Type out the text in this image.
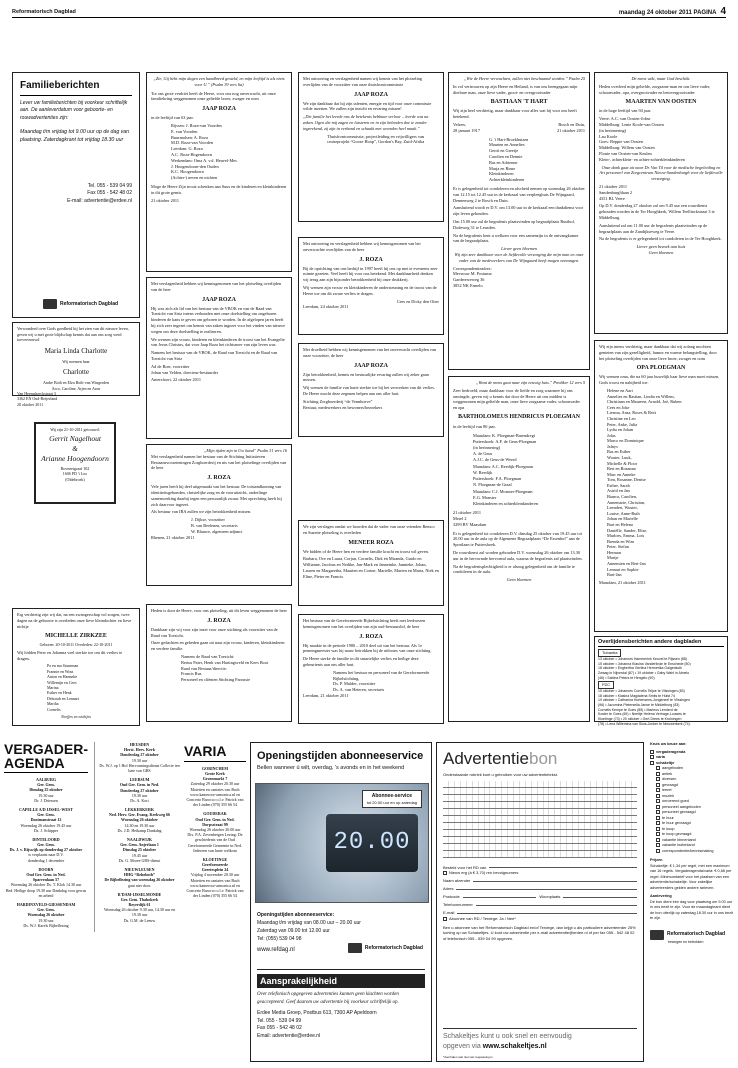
Reformatorisch Dagblad	maandag 24 oktober 2011 PAGINA 4
Familieberichten

Lever uw familieberichten bij voorkeur schriftelijk aan. De aanleverdatum voor geboorte- en rouwadvertenties zijn:

Maandag t/m vrijdag tot 9.00 uur op de dag van plaatsing. Zaterdagkrant tot vrijdag 18.30 uur

Tel. 055 - 539 04 99
Fax 055 - 542 48 02
E-mail: advertentie@erdee.nl
Reformatorisch Dagblad

Verwonderd over Gods goedheid bij het zien van dit nieuwe leven, geven wij u met grote blijdschap kennis dat aan ons zorg werd toevertrouwd

Maria Linda Charlotte
Wij noemen haar
Charlotte
Andre Both en Elza Both-van Wingerden
Arco, Caroline, Arjen en Aron
Van Heemskerckstraat 3
3362 EN Oud-Beijerland
20 oktober 2011
Wij zijn 21-10-2011 getrouwd:
Gerrit Nagelhout
&
Arianne Hoogendoorn
Boveneigraaf 102
1606 PD 't Loo
(Oldebroek)

Erg verdrietig zijn wij dat, na een zwangerschap vol zorgen, twee dagen na de geboorte is overleden onze lieve kleindochter en lieve nichtje

MICHELLE ZIRKZEE
Geboren: 20-10-2011 Overleden: 22-10-2011

Wij hidden Peter en Johanna veel sterkte toe om dit verlies te dragen.

Pa en ma Stuurman
Frannie en Wout
Anton en Hanneke
Willemijn en Cees
Marina
Esther en Henk
Deborah en Lennart
Martha
Cornelis
Neefjes en nichtjes
„Zie, Gij hebt mijn dagen een handbreed gesteld, en mijn leeftijd is als niets voor U.” (Psalm 39 vers 6a)

Tot ons grote verdriet heeft de Heere, voor ons nog onverwacht, uit onze familiekring weggenomen onze geliefde broer, zwager en oom

JAAP ROZA

in de leeftijd van 63 jaar.

Rijssen: J. Roza-van Voorden
E. van Voorden
Buurmalsen: A. Roza
M.D. Roza-van Voorden
Leerdam: G. Roza
A.C. Roza-Hogendoorn
Werkendam: Oma A. v.d. Heuvel-Mes
J. Hoogendoorn-den Ouden
K.C. Hoogendoorn
(Achter-) neven en nichten

Moge de Heere Zijn troost schenken aan Suus en de kinderen en kleinkinderen in dit grote gemis.

21 oktober 2011

Met verslagenheid hebben wij kennisgenomen van het plotseling overlijden van de heer

JAAP ROZA

Hij was zich als lid van het bestuur van de VBOK en van de Raad van Toezicht van Siriz intens verbonden met onze doelstelling om ongeboren kinderen de kans te geven om geboren te worden. In de afgelopen jaren heeft hij zich zeer ingezet om kennis van zaken ingezet voor het vinden van nieuwe wegen om deze doelstelling te realiseren.

We wensen zijn vrouw, kinderen en kleinkinderen de troost van het Evangelie van Jezus Christus, dat voor Jaap Roza het richtsnoer van zijn leven was.

Namens het bestuur van de VBOK, de Raad van Toezicht en de Raad van Toezicht van Siriz

Ad de Boer, voorzitter
Johan van Velden, directeur-bestuurder
Amersfoort, 22 oktober 2011
„Mijn tijden zijn in Uw hand” Psalm 31 vers 16

Met verslagenheid namen het bestuur van de Stichting Initiatieven Bestaansvoorzieningen Zorgboerderij en nis van het plotselinge overlijden van de heer

J. ROZA

Vele jaren heeft hij deel uitgemaakt van het bestuur. De totstandkoming van identiteitsgebonden, christelijke zorg en de vooruitzicht, onderlinge samenwerking daarbij tegen een persoonlijk zwaar. Met oprechting heeft hij zich daarvoor ingezet.

Als bestuur van IBA zullen we zijn betrokkenheid missen.

J. Dijkse, voorzitter
B. van Beelenen, secretaris
W. Blauwe, algemeen adjunct
Rhenen, 21 oktober 2011

Heden is door de Heere, voor ons plotseling, uit dit leven weggenomen de heer

J. ROZA

Dankbaar zijn wij voor zijn inzet voor onze stichting als voorzitter van de Raad van Toezicht.

Onze gedachten en gebeden gaan uit naar zijn vrouw, kinderen, kleinkinderen en verdere familie.

Namens de Raad van Toezicht:
Bertus Pater, Henk van Hartingsveld en Kees Boot
Raad van Bestuur/directie:
Francis Rus
Personeel en cliënten Stichting Parousie

Met ontroering en verslagenheid namen wij kennis van het plotseling overlijden van de voorzitter van onze thuisfrontcommissie

JAAP ROZA

We zijn dankbaar dat hij zijn talenten, energie en tijd voor onze commissie wilde inzetten. We zullen zijn inzicht en ervaring missen!

„Die familie het leerde ons de betekenis hebbaar verloor – leerde wat na zaken. Ogen die mij zagen en luisteren en in zijn belenden doe te zonder ingerekend, zij zijn in verband en schaakt met woorden heel maak.”

Thuisfrontcommissie, projectleiding en vrijwilligers van cruiseprojekt “Goose Hoop”, Gordon's Bay, Zuid-Afrika

Met ontroering en verslagenheid hebben wij kennisgenomen van het onverwachte overlijden van de heer

J. ROZA

Bij de oprichting van ons bedrijf in 1997 heeft hij ons op met te eveneens zeer ruimte gezeten. Veel heeft hij voor ons betekend. Met dankbaarheid denken wij terug aan zijn bijzonder betrokkenheid bij onze drukkerij.

Wij wensen zijn vrouw en kleinkinderen de ondersteuning en de troost van de Heere toe om dit zware verlies te dragen.

Cees en Dicky den Otter
Leerdam, 24 oktober 2011

Met droefheid hebben wij kennisgenomen van het onverwacht overlijden van onze voorzitter, de heer

JAAP ROZA

Zijn betrokkenheid, kennis en bestuurlijke ervaring zullen wij zeker gaan missen.

Wij wensen de familie van harte sterkte toe bij het verwerken van dit verlies. De Heere mocht deze zegenen helpen aan ons aller hart.

Stichting Zorgboerderij “de Vennhoeve”
Bestuur, medewerkers en bewoners/bezoekers

We zijn verslagen omdat we hoorden dat de vader van onze vrienden Remco en Suzette plotseling is overleden

MENEER ROZA

We bidden of de Heere hen en verdere familie kracht en troost wil geven.

Barbara, Ove en Laura, Corjan, Cornelis, Dirk en Miranda, Guido en Willianne, Jacobus en Nedike, Jan-Mark en Janneinke, Jannieke, Johan, Lauren en Margaretha, Maarten en Corine, Marielle, Marten en Maria, Niek en Eline, Pieter en Francis

Het bestuur van de Gereformeerde Bijbelstichting heeft met leedwezen kennisgenomen van het overlijden van zijn oud-bestuurslid, de heer

J. ROZA

Hij maakte in de periode 1980 – 2010 deel uit van het bestuur. Als 1e penningmeester was hij nauw betrokken bij de uitbouw van onze stichting.

De Heere sterke de familie in dit smartelijke verlies en heilige deze gebeurtenis aan ons aller hart.

Namens het bestuur en personeel van de Gereformeerde Bijbelstichting,
Ds. P. Mulder, voorzitter
Ds. A. van Heteren, secretaris
Leerdam, 21 oktober 2011
„Wie de Heere verwachten, zullen niet beschaamd worden.” Psalm 25

In vol vertrouwen op zijn Heere en Heiland, is van ons heengegaan mijn dierbare man, onze lieve vader, groot- en overgrootvader

BASTIAAN 'T HART

Wij zijn heel verdrietig, maar dankbaar voor alles wat hij voor ons heeft betekend.

Velzen,
28 januari 1917
Bosch en Duin,
21 oktober 2011
G. 't Hart-Broekhuizen
Maarten en Annelies
Gerrit en Greetje
Carolien en Dennie
Bas en Adrienne
Marja en Rinse
Kleinkinderen
Achterkleinkinderen

Er is gelegenheid tot condoleren en afscheid nemen op woensdag 26 oktober van 12.15 tot 12.45 uur in de kerkzaal van verpleeghuis De Wijngaard, Dennenweg 2 te Bosch en Duin.

Aansluitend wordt er D.V. om 13.00 uur in de kerkzaal een dankdienst voor zijn leven gehouden.

Om 15.00 uur zal de begrafenis plaatsvinden op begraafplaats Rusthof, Dodeweg 31 te Leusden.

Na de begrafenis bent u welkom voor een samenzijn in de ontvangkamer van de begraafplaats.

Liever geen bloemen

Wij zijn zeer dankbaar voor de liefdevolle verzorging die mijn man en onze vader van de medewerkers van De Wijngaard heeft mogen ontvangen.

Correspondentieadres:
Mevrouw M. Postuma
Gardereweweg 36
3852 NK Ermelo
„Want de mens gaat naar zijn eeuwig huis.” Prediker 12 vers 5

Zeer bedroefd, maar dankbaar voor de liefde en zorg waarmee hij ons omringde, geven wij u kennis dat door de Heere uit ons midden is weggenomen mijn geliefde man, onze lieve zorgzame vader, schoonvader en opa

BARTHOLOMEUS HENDRICUS PLOEGMAN

in de leeftijd van 80 jaar.

Maasdam: K. Ploegman-Barendregt
Puttershoek: A.F. de Geus-Ploegman
(in herinnering)
A. de Geus
A.J.C. de Geus-de Weerd
Maasdam: A.C. Reedijk-Ploegman
W. Reedijk
Puttershoek: F.A. Ploegman
N. Ploegman-de Graaf
Maasdam: C.J. Monster-Ploegman
E.G. Monster
Kleinkinderen en achterkleinkinderen
21 oktober 2011
Merel 2
3299 BV Maasdam

Er is gelegenheid tot condoleren D.V. dinsdag 25 oktober van 19.45 uur tot 20.00 uur in de aula op de Algemene Begraafplaats “De Essenhof” aan de Sportlaan te Puttershoek.

De rouwdienst zal worden gehouden D.V. woensdag 26 oktober om 13.30 uur in de hervormde hervormd aula, waarna de begrafenis zal plaatsvinden.

Na de begrafenisplechtigheid is er alsnog gelegenheid om de familie te condoleren in de aula.

Geen bloemen
De mens wikt, maar God beschikt.

Heden overleed mijn geliefde, zorgzame man en ons lieve vader, schoonvader, opa, overgrootvader en betovergrootvader

MAARTEN VAN OOSTEN

in de hoge leeftijd van 94 jaar.

Veere: A.C. van Oosten-Jobse
Middelburg: Lenie Koole-van Oosten
(in herinnering)
Lau Koole
Goes: Beppie van Oosten
Middelburg: Willem van Oosten
Flonie van Oosten-van Keulen
Klein-, achterklein- en achter-achterkleinkinderen

Onze dank gaat uit naar Dr. Van Til voor de medische begeleiding en Art personeel van Zorgcentrum Nieuw-Sandenburgh voor de liefdevolle verzorging.

21 oktober 2011
Sandenburghlaan 2
4351 BL Veere

Op D.V. donderdag 27 oktober zal om 9.45 uur een rouwdienst gehouden worden in de Ter Hooghkerk, Willem Teellinckstraat 3 te Middelburg.

Aansluitend zal om 11.00 uur de begrafenis plaatsvinden op de begraafplaats aan de Zandijkseweg te Veere.

Na de begrafenis is er gelegenheid tot condoleren in de Ter Hooghkerk.

Liever geen bezoek aan huis
Geen bloemen

Wij zijn intens verdrietig, maar dankbaar dat wij zolang mochten genieten van zijn gezelligheid, humor en warme belangstelling, door het plotseling overlijden van onze lieve broer, zwager en oom

OPA PLOEGMAN

Wij wensen oma, die na 60 jaar huwelijk haar lieve man moet missen, Gods troost en nabijheid toe.

Helene en Aart
Annelies en Bastian, Lindia en Willem,
Christiaan en Maureen, Arnold, Joë, Ruben
Cees en Joke
Liesma, Arna, Roses & Britt
Christine en Leo
Peter, Anke, Julia
Lydia en Johan
Jolas
Marco en Dominique
Jalnys
Bas en Esther
Wouter, Luuk,
Michelle & Floor
Bert en Rozanna
Marc en Anneke
Tom, Rosanne, Denise
Esther, Sarah
Astrid en Jan
Bianca, Carolien,
Annemarie, Christian,
Leendert, Wouter,
Louise, Anne-Ruth
Johan en Marielle
Bart en Helena
Daniëlle, Sander, Elise,
Marloes, Emma, Lois
Brenda en Wim
Peter, Stefan
Herman
Martje
Annemien en Bert-Jan
Lennart en Sophie
Bart-Jan
Maasdam, 21 oktober 2011
Overlijdensberichten andere dagbladen
Tubantia
13 oktober • Johannes Hammerink Keuvel te Rijssen (88)
15 oktober • Johanna Klasina Vanderlinde te Enschede (80)
18 oktober • Engbertha Gertina Hermerika Galgenkolk
Zwaag in Nijverdal (87) • 19 oktober • Gaby Wahl in Almelo
(46) • Sabina Peters te Hengelo (90).
PZC
15 oktober • Johannes Cornelis Teljoe te Vlissingen (83)
18 oktober • Klasina Magdalena Smits te Hulst 74
19 oktober • Catharina Hortensens-Jongeneel te Vlissingen
(96) • Jacomina Pietersella Janse te Middelburg (83)
Cornelis Kempe te Goes (85) • Marinus Lenderd de
Koster te Goes (69) • Neeltje Helena Verhage-Louwes te
Kloetinge (73) • 20 oktober • Gert Drees te Kruiningen
(78) • Lena Willemina van Sluis-Jonker te Nieuwerkerk (74).
VERGADER-
AGENDA
AALBURG
Ger. Gem.
Dinsdag 25 oktober
19.30 uur
Dr. J. Driessen
CAPELLE A/D IJSSEL-WEST
Ger. Gem.
Dootmanstraat 12
Woensdag 26 oktober 19.45 uur
Ds. J. Schipper
DINTELOORD
Ger. Gem.
Ds. J. v. Rijswijk op donderdag 27 oktober
is verplaatst naar D.V.
donderdag 1 december
DOORN
Oud Ger. Gem. in Ned.
Sparrenlaan 57
Woensdag 26 oktober Ds. T. Klok 14.30 uur
Bed. Heilige doop 19.30 uur Dankdag voor gewas en arbeid
HARDINXVELD-GIESSENDAM
Ger. Gem.
Woensdag 26 oktober
19.30 uur
Ds. W.J. Karels Bijbellezing
HEUSDEN
Herst. Herv. Kerk
Donderdag 27 oktober
19.30 uur
Ds. W.J. op 't Hof Hervormingsdienst Collecte ten bate van GBS
LEERSUM
Oud Ger. Gem. in Ned.
Donderdag 27 oktober
19.30 uur
Ds. A. Kort
LEKKERKERK
Ned. Herv. Ger. Evang. Kerkweg 66
Woensdag 26 oktober
14.30 en 19.30 uur
Ds. J.D. Heikamp Dankdag
NAALDWIJK
Ger. Gem. Anjerlaan 1
Dinsdag 25 oktober
19.45 uur
Ds. G. Moree GBS-dienst
NIEUWLEUSEN
HHG “Rehoboth”
De Bijbellezing van woensdag 26 oktober
gaat niet door.
R'DAM-IJSSELMONDE
Ger. Gem. Thabokerk
Reyerdijk 61
Woensdag 26 oktober 9.30 uur, 14.30 uur en 19.30 uur
Ds. G.M. de Leeuw
VARIA
GORINCHEM
Grote Kerk
Groenmarkt 7
Zaterdag 29 oktober 20.30 uur
Motetten en cantates van Bach www.kameroor-armonica.nl en Concerto Barocco o.l.v. Patrick van der Linden (070) 355 66 54
GOUDERAK
Oud Ger. Gem. in Ned.
Dorpsstraat 99
Woensdag 26 oktober 20.00 uur
Drs. P.A. Zevenbergen Lezing: De geschiedenis van de Oud Gereformeerde Gemeente in Ned. Iedereen van harte welkom
KLOETINGE
Gereformeerde
Geertesplein 24
Vrijdag 4 november 20.30 uur
Motetten en cantates van Bach www.kameroor-armonica.nl en Concerto Barocco o.l.v. Patrick van der Linden (070) 355 66 54
Openingstijden abonneeservice
Bellen wanneer ú wilt, overdag, 's avonds en in het weekend
Abonnee-service
tot 20.00 uur en op zaterdag
20.00
Openingstijden abonneeservice:
Maandag t/m vrijdag van 08.00 uur – 20.00 uur
Zaterdag van 09.00 tot 12.00 uur
Tel: (055) 539 04 98
www.refdag.nl	Reformatorisch Dagblad
Aansprakelijkheid

Over telefonisch opgegeven advertenties kunnen geen klachten worden geaccepteerd. Geef daarom uw advertentie bij voorkeur schriftelijk op.

Erdee Media Groep, Postbus 613, 7300 AP Apeldoorn
Tel. 055 - 539 04 99
Fax 055 - 542 48 02
Email: advertentie@erdee.nl
Advertentiebon
Onderstaande rubriek kunt u gebruiken voor uw advertentietekst.
Besteld voor het RD van
Nieuw erg (à € 3,70) ren bevolgnumers
Naam afzender
Adres
Postcode	Woonplaats
Telefoonnummer
E-mail
Abonnee van RD / Terdege: Ja / Nee*

Ben u abonnee van het Reformatorisch Dagblad en/of Terdege, dan krijgt u als particuliere adverteerder 25% korting op uw Schakeltjes. U kunt uw advertentie per e-mail advertentie@erdee.nl of per fax 055 - 542 48 02 of telefonisch 055 - 539 04 99 opgeven.

Schakeltjes kunt u ook snel en eenvoudig
opgeven via www.schakeltjes.nl
*doorhalen wat niet van toepassing is
Kruis uw keuze aan:
vergaderagenda
varia
schakeltje
aangeboden
antiek
diversen
gevraagd
leeret
muziek
onroerend goed
personeel aangeboden
personeel gevraagd
te huur
te huur gevraagd
te koop
te koop gevraagd
vakantie binnenland
vakantie buitenland
correspondentie/kennismaking
Prijzen

Schakeltje: € 1,34 per regel, met een maximum van 16 regels. Vergaderagenda/varia: € 0,66 per regel. Minimumtarief voor het plaatsen van een advertentie/schakeltje. Voor zakelijke adverteerders gelden andere tarieven.

Aanlevering

De bon dient één dag voor plaatsing om 9.00 uur in ons bezit te zijn. Voor de maandagkrant dient de bon uiterlijk op zaterdag 18.30 uur in ons bezit te zijn.

Reformatorisch Dagblad
bewogen en betrokken
